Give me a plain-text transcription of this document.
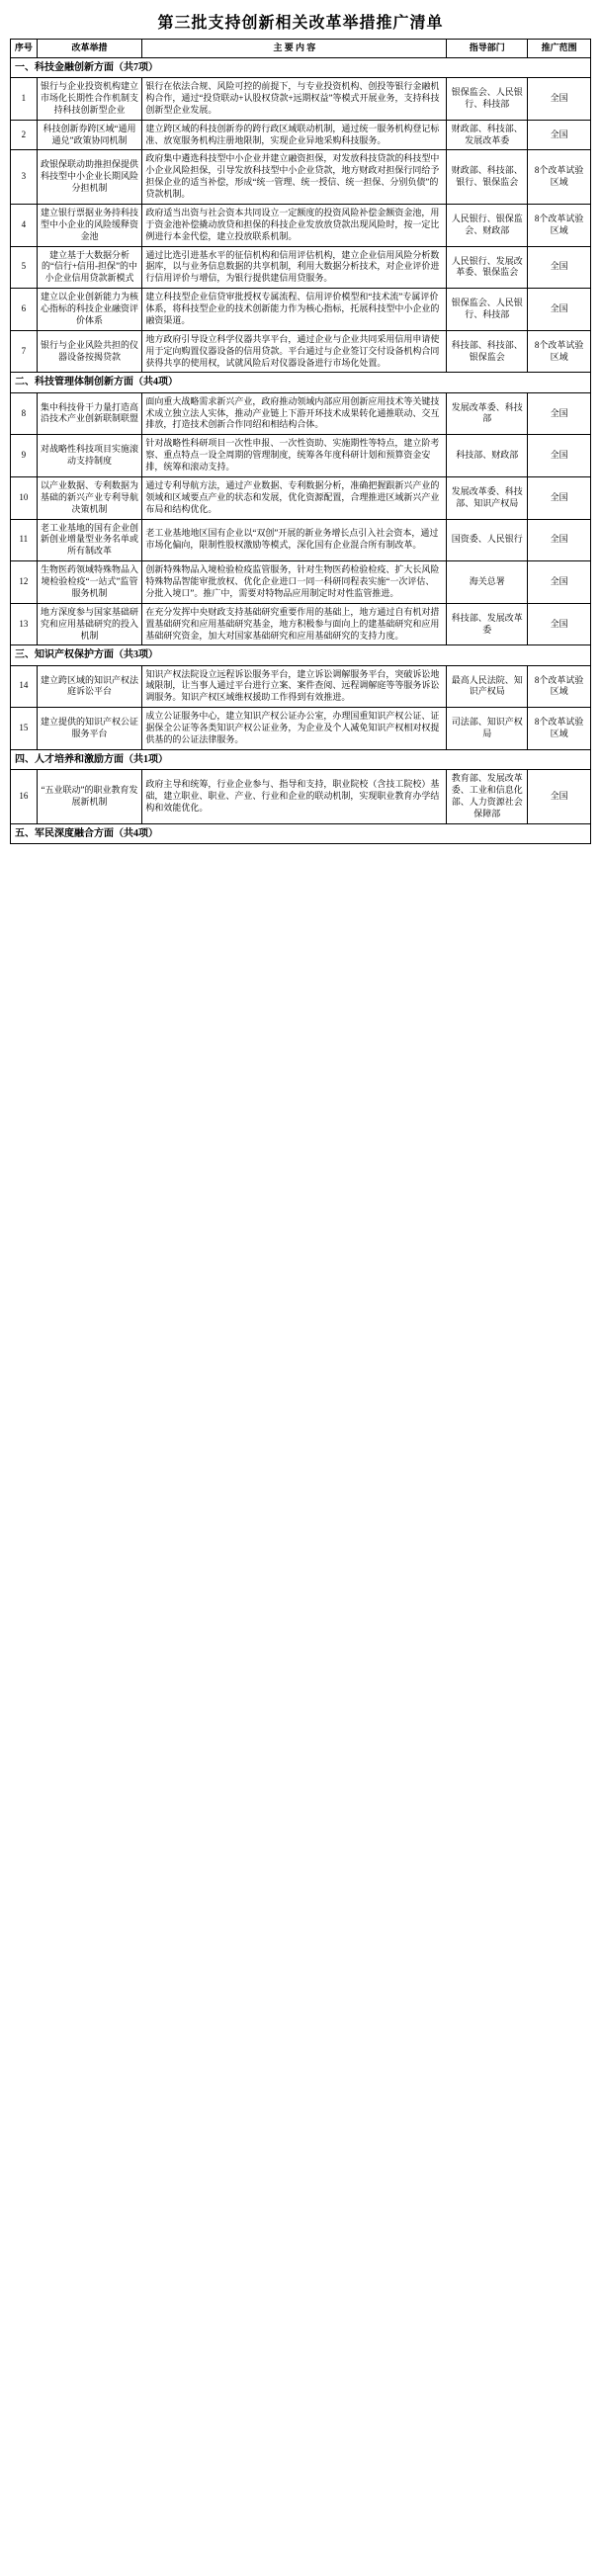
第三批支持创新相关改革举措推广清单
序号	改革举措	主 要 内 容	指导部门	推广范围
一、科技金融创新方面（共7项）				
1	银行与企业投资机构建立市场化长期性合作机制支持科技创新型企业	银行在依法合规、风险可控的前提下，与专业投资机构、创投等银行金融机构合作，通过“投贷联动+认股权贷款+远期权益”等模式开展业务，支持科技创新型企业发展。	银保监会、人民银行、科技部	全国
2	科技创新券跨区域“通用通兑”政策协同机制	建立跨区域的科技创新券的跨行政区域联动机制，通过统一服务机构登记标准、放宽服务机构注册地限制，实现企业异地采购科技服务。	财政部、科技部、发展改革委	全国
3	政银保联动助推担保提供科技型中小企业长期风险分担机制	政府集中遴选科技型中小企业并建立融资担保，对发放科技贷款的科技型中小企业风险担保，引导发放科技型中小企业贷款，地方财政对担保行同给予担保企业的适当补偿，形成“统一管理、统一授信、统一担保、分别负债”的贷款机制。	财政部、科技部、银行、银保监会	8个改革试验区域
4	建立银行票据业务持科技型中小企业的风险缓释资金池	政府适当出资与社会资本共同设立一定额度的投资风险补偿金额资金池，用于资金池补偿撬动放贷和担保的科技企业发放放贷款出现风险时，按一定比例进行本金代偿，建立投放联系机制。	人民银行、银保监会、财政部	8个改革试验区域
5	建立基于大数据分析的“信行+信用-担保”的中小企业信用贷款新模式	通过比选引进基水平的征信机构和信用评估机构，建立企业信用风险分析数据库，以与业务信息数据的共享机制，利用大数据分析技术，对企业评价进行信用评价与增信，为银行提供建信用贷服务。	人民银行、发展改革委、银保监会	全国
6	建立以企业创新能力为核心指标的科技企业融资评价体系	建立科技型企业信贷审批授权专属流程、信用评价模型和“技术流”专属评价体系，将科技型企业的技术创新能力作为核心指标，托展科技型中小企业的融资渠道。	银保监会、人民银行、科技部	全国
7	银行与企业风险共担的仪器设备按揭贷款	地方政府引导设立科学仪器共享平台，通过企业与企业共同采用信用申请使用于定向购置仪器设备的信用贷款。平台通过与企业签订交付设备机构合同获得共享的使用权，试就风险后对仪器设备进行市场化处置。	科技部、科技部、银保监会	8个改革试验区域
二、科技管理体制创新方面（共4项）				
8	集中科技骨干力量打造高沿技术产业创新联制联盟	面向重大战略需求新兴产业，政府推动领域内部应用创新应用技术等关键技术成立独立法人实体，推动产业链上下游开环技术成果转化通推联动、交互排放，打造技术创新合作同绍和相结构合体。	发展改革委、科技部	全国
9	对战略性科技项目实施滚动支持制度	针对战略性科研项目一次性申报、一次性资助、实施期性等特点，建立阶考察、重点特点一设全周期的管理制度，统筹各年度科研计划和预算资金安排，统筹和滚动支持。	科技部、财政部	全国
10	以产业数据、专利数据为基础的新兴产业专利导航决策机制	通过专利导航方法，通过产业数据、专利数据分析，准确把握跟新兴产业的领域和区域要点产业的状态和发展，优化资源配置，合理推进区域新兴产业布局和结构优化。	发展改革委、科技部、知识产权局	全国
11	老工业基地的国有企业创新创业增量型业务名单或所有制改革	老工业基地地区国有企业以“双创”开展的新业务增长点引入社会资本，通过市场化偏向，限制性股权激励等模式，深化国有企业混合所有制改革。	国资委、人民银行	全国
12	生物医药领域特殊物品入境检验检疫“一站式”监管服务机制	创新特殊物品入境检验检疫监管服务，针对生物医药检验检疫、扩大长风险特殊物品智能审批放权、优化企业进口一同一科研同程表实施“一次评估、分批入境口”。推广中，需要对特物品应用制定时对性监管推进。	海关总署	全国
13	地方深度参与国家基础研究和应用基础研究的投入机制	在充分发挥中央财政支持基础研究重要作用的基础上，地方通过自有机对措置基础研究和应用基础研究基金，地方积极参与面向上的建基础研究和应用基础研究资金，加大对国家基础研究和应用基础研究的支持力度。	科技部、发展改革委	全国
三、知识产权保护方面（共3项）				
14	建立跨区域的知识产权法庭诉讼平台	知识产权法院设立远程诉讼服务平台，建立诉讼调解服务平台，突破诉讼地域限制，让当事人通过平台进行立案、案件查阅、远程调解庭等等服务诉讼调服务。知识产权区域维权援助工作得到有效推进。	最高人民法院、知识产权局	8个改革试验区域
15	建立提供的知识产权公证服务平台	成立公证服务中心，建立知识产权公证办公室，办理国重知识产权公证、证据保全公证等各类知识产权公证业务，为企业及个人减免知识产权相对权提供基的的公证法律服务。	司法部、知识产权局	8个改革试验区域
四、人才培养和激励方面（共1项）				
16	“五业联动”的职业教育发展新机制	政府主导和统筹，行业企业参与、指导和支持，职业院校（含技工院校）基础，建立职业、职业、产业、行业和企业的联动机制，实现职业教育办学结构和效能优化。	教育部、发展改革委、工业和信息化部、人力资源社会保障部	全国
五、军民深度融合方面（共4项）				
